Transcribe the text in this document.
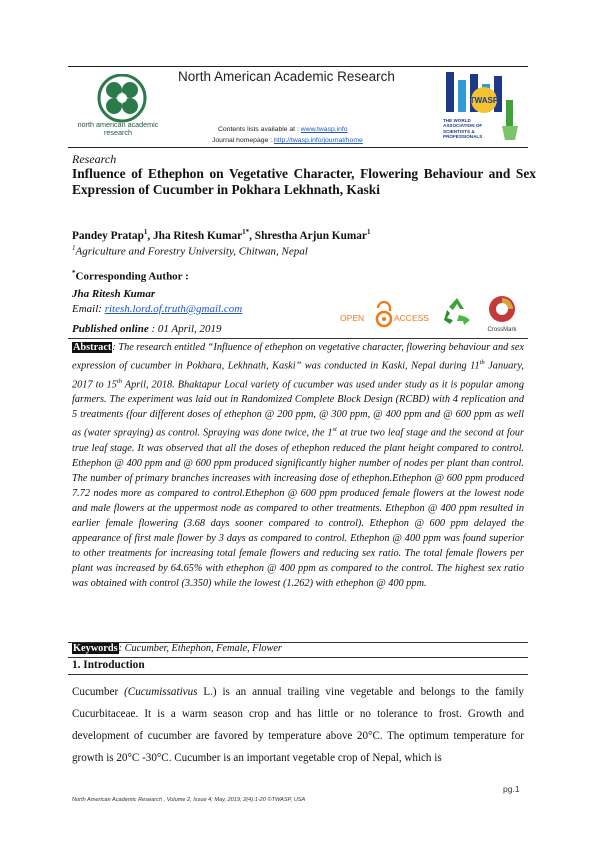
north american academic research
North American Academic Research
Contents lists available at : www.twasp.info
Journal homepage : http://twasp.info/journal/home
TWASP
THE WORLD ASSOCIATION OF SCIENTISTS & PROFESSIONALS
Research
Influence of Ethephon on Vegetative Character, Flowering Behaviour and Sex Expression of Cucumber in Pokhara Lekhnath, Kaski
Pandey Pratap$^1$, Jha Ritesh Kumar$^{1*}$, Shrestha Arjun Kumar$^1$
$^1$Agriculture and Forestry University, Chitwan, Nepal
*Corresponding Author :
Jha Ritesh Kumar
Email: ritesh.lord.of.truth@gmail.com
Published online : 01 April, 2019
OPEN	ACCESS
CrossMark
Abstract: The research entitled “Influence of ethephon on vegetative character, flowering behaviour and sex expression of cucumber in Pokhara, Lekhnath, Kaski” was conducted in Kaski, Nepal during 11th January, 2017 to 15th April, 2018. Bhaktapur Local variety of cucumber was used under study as it is popular among farmers. The experiment was laid out in Randomized Complete Block Design (RCBD) with 4 replication and 5 treatments (four different doses of ethephon @ 200 ppm, @ 300 ppm, @ 400 ppm and @ 600 ppm as well as (water spraying) as control. Spraying was done twice, the 1st at true two leaf stage and the second at four true leaf stage. It was observed that all the doses of ethephon reduced the plant height compared to control. Ethephon @ 400 ppm and @ 600 ppm produced significantly higher number of nodes per plant than control. The number of primary branches increases with increasing dose of ethephon.Ethephon @ 600 ppm produced 7.72 nodes more as compared to control.Ethephon @ 600 ppm produced female flowers at the lowest node and male flowers at the uppermost node as compared to other treatments. Ethephon @ 400 ppm resulted in earlier female flowering (3.68 days sooner compared to control). Ethephon @ 600 ppm delayed the appearance of first male flower by 3 days as compared to control. Ethephon @ 400 ppm was found superior to other treatments for increasing total female flowers and reducing sex ratio. The total female flowers per plant was increased by 64.65% with ethephon @ 400 ppm as compared to the control. The highest sex ratio was obtained with control (3.350) while the lowest (1.262) with ethephon @ 400 ppm.
Keywords: Cucumber, Ethephon, Female, Flower
1. Introduction
Cucumber (Cucumissativus L.) is an annual trailing vine vegetable and belongs to the family Cucurbitaceae. It is a warm season crop and has little or no tolerance to frost. Growth and development of cucumber are favored by temperature above 20°C. The optimum temperature for growth is 20°C -30°C. Cucumber is an important vegetable crop of Nepal, which is
pg.1
North American Academic Research , Volume 2, Issue 4; May, 2019; 2(4):1-20 ©TWASP, USA
